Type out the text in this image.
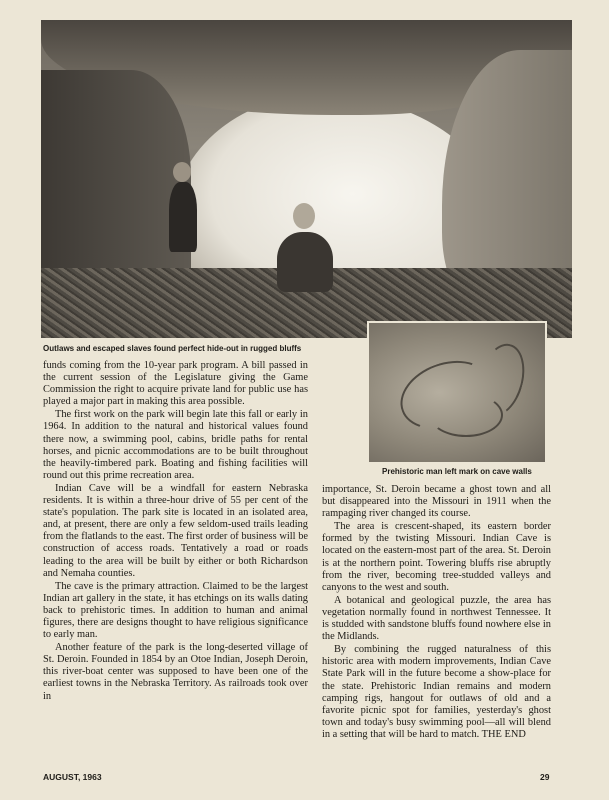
Outlaws and escaped slaves found perfect hide-out in rugged bluffs
Prehistoric man left mark on cave walls

funds coming from the 10-year park program. A bill passed in the current session of the Legislature giving the Game Commission the right to acquire private land for public use has played a major part in making this area possible.

The first work on the park will begin late this fall or early in 1964. In addition to the natural and historical values found there now, a swimming pool, cabins, bridle paths for rental horses, and picnic accommodations are to be built throughout the heavily-timbered park. Boating and fishing facilities will round out this prime recreation area.

Indian Cave will be a windfall for eastern Nebraska residents. It is within a three-hour drive of 55 per cent of the state's population. The park site is located in an isolated area, and, at present, there are only a few seldom-used trails leading from the flatlands to the east. The first order of business will be construction of access roads. Tentatively a road or roads leading to the area will be built by either or both Richardson and Nemaha counties.

The cave is the primary attraction. Claimed to be the largest Indian art gallery in the state, it has etchings on its walls dating back to prehistoric times. In addition to human and animal figures, there are designs thought to have religious significance to early man.

Another feature of the park is the long-deserted village of St. Deroin. Founded in 1854 by an Otoe Indian, Joseph Deroin, this river-boat center was supposed to have been one of the earliest towns in the Nebraska Territory. As railroads took over in

importance, St. Deroin became a ghost town and all but disappeared into the Missouri in 1911 when the rampaging river changed its course.

The area is crescent-shaped, its eastern border formed by the twisting Missouri. Indian Cave is located on the eastern-most part of the area. St. Deroin is at the northern point. Towering bluffs rise abruptly from the river, becoming tree-studded valleys and canyons to the west and south.

A botanical and geological puzzle, the area has vegetation normally found in northwest Tennessee. It is studded with sandstone bluffs found nowhere else in the Midlands.

By combining the rugged naturalness of this historic area with modern improvements, Indian Cave State Park will in the future become a show-place for the state. Prehistoric Indian remains and modern camping rigs, hangout for outlaws of old and a favorite picnic spot for families, yesterday's ghost town and today's busy swimming pool—all will blend in a setting that will be hard to match. THE END

AUGUST, 1963	29
